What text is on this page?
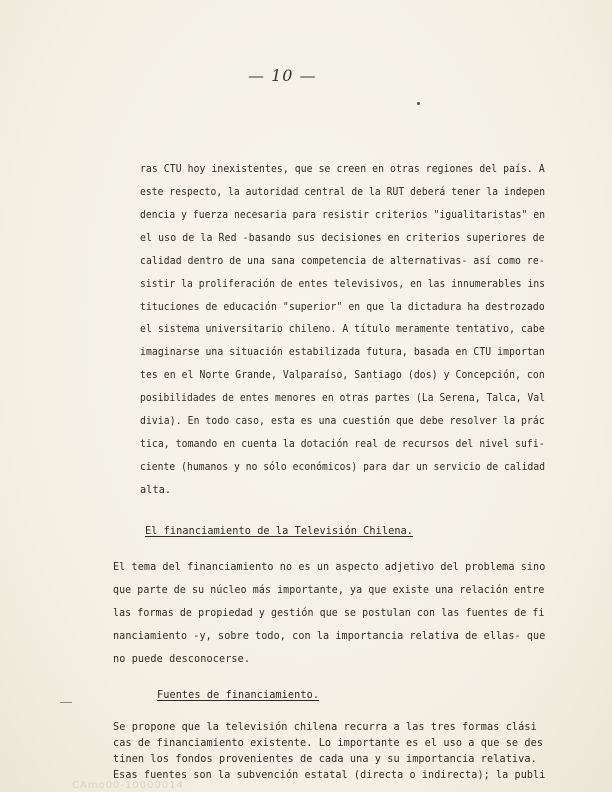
— 10 —
ras CTU hoy inexistentes, que se creen en otras regiones del país. A
este respecto, la autoridad central de la RUT deberá tener la indepen
dencia y fuerza necesaria para resistir criterios "igualitaristas" en
el uso de la Red -basando sus decisiones en criterios superiores de
calidad dentro de una sana competencia de alternativas- así como re-
sistir la proliferación de entes televisivos, en las innumerables ins
tituciones de educación "superior" en que la dictadura ha destrozado
el sistema universitario chileno. A título meramente tentativo, cabe
imaginarse una situación estabilizada futura, basada en CTU importan
tes en el Norte Grande, Valparaíso, Santiago (dos) y Concepción, con
posibilidades de entes menores en otras partes (La Serena, Talca, Val
divia). En todo caso, esta es una cuestión que debe resolver la prác
tica, tomando en cuenta la dotación real de recursos del nivel sufi-
ciente (humanos y no sólo económicos) para dar un servicio de calidad
alta.
El financiamiento de la Televisión Chilena.
El tema del financiamiento no es un aspecto adjetivo del problema sino
que parte de su núcleo más importante, ya que existe una relación entre
las formas de propiedad y gestión que se postulan con las fuentes de fi
nanciamiento -y, sobre todo, con la importancia relativa de ellas- que
no puede desconocerse.
Fuentes de financiamiento.
Se propone que la televisión chilena recurra a las tres formas clási
cas de financiamiento existente. Lo importante es el uso a que se des
tinen los fondos provenientes de cada una y su importancia relativa.
Esas fuentes son la subvención estatal (directa o indirecta); la publi
CAmo00-10000014
